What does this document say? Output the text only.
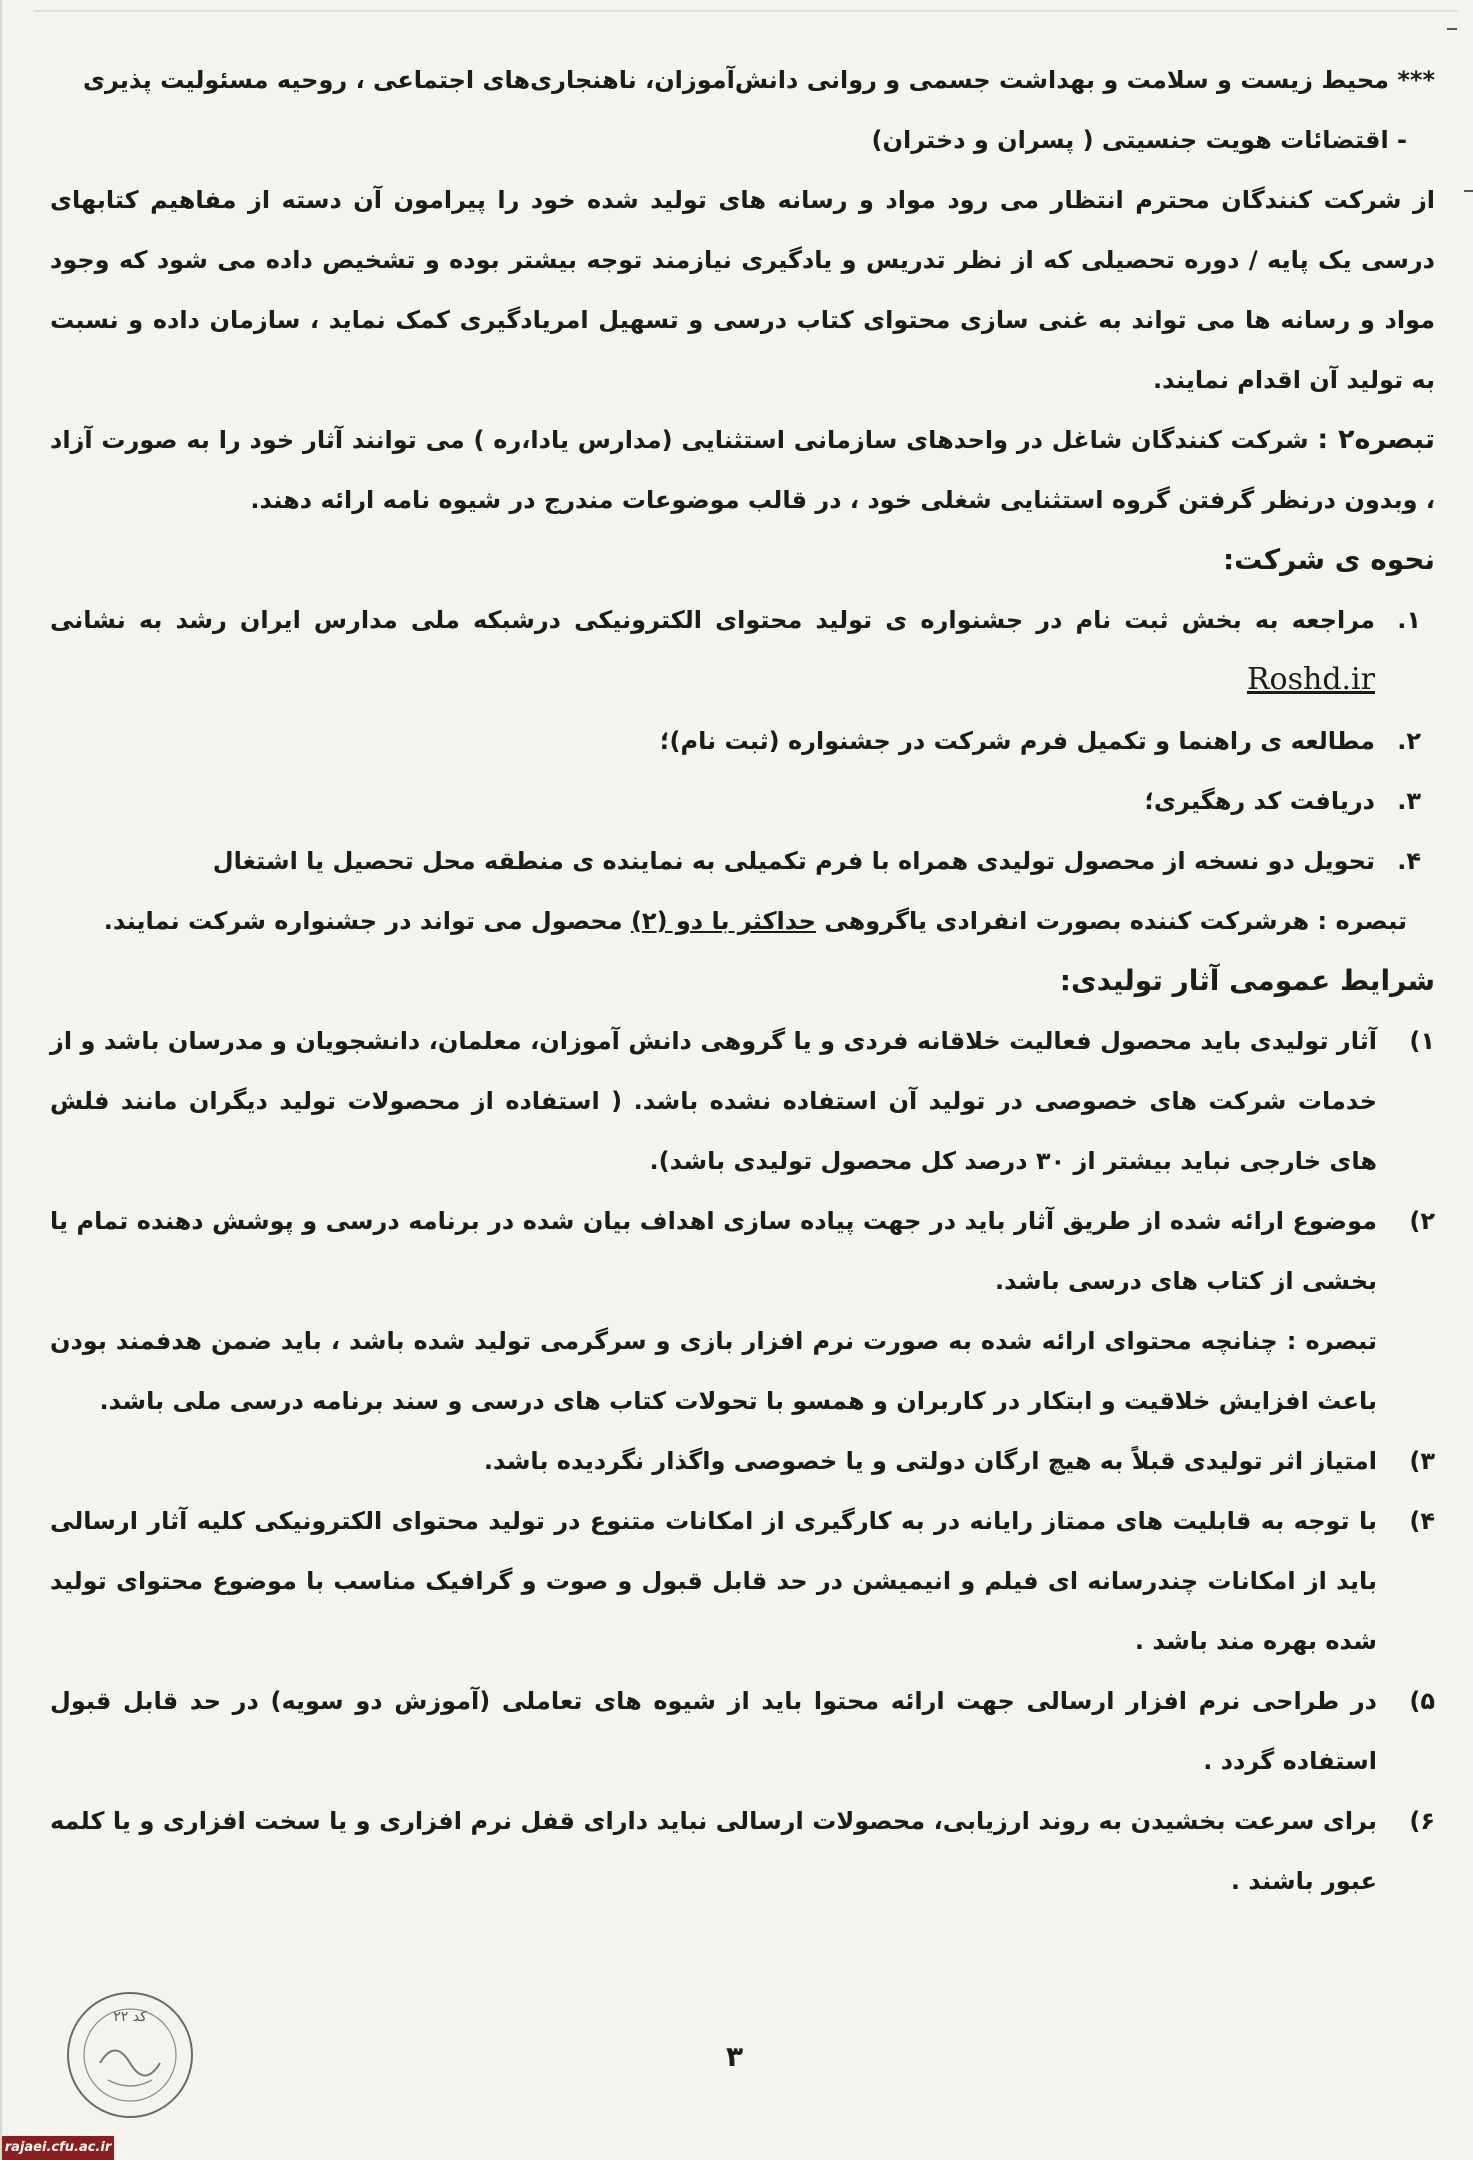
*** محیط زیست و سلامت و بهداشت جسمی و روانی دانش‌آموزان، ناهنجاری‌های اجتماعی ، روحیه مسئولیت پذیری

- اقتضائات هویت جنسیتی ( پسران و دختران)

از شرکت کنندگان محترم انتظار می رود مواد و رسانه های تولید شده خود را پیرامون آن دسته از مفاهیم کتابهای درسی یک پایه / دوره تحصیلی که از نظر تدریس و یادگیری نیازمند توجه بیشتر بوده و تشخیص داده می شود که وجود مواد و رسانه ها می تواند به غنی سازی محتوای کتاب درسی و تسهیل امریادگیری کمک نماید ، سازمان داده و نسبت به تولید آن اقدام نمایند.

تبصره۲ : شرکت کنندگان شاغل در واحدهای سازمانی استثنایی (مدارس یادا،ره ) می توانند آثار خود را به صورت آزاد ، وبدون درنظر گرفتن گروه استثنایی شغلی خود ، در قالب موضوعات مندرج در شیوه نامه ارائه دهند.

نحوه ی شرکت:

۱.
مراجعه به بخش ثبت نام در جشنواره ی تولید محتوای الکترونیکی درشبکه ملی مدارس ایران رشد به نشانی Roshd.ir
۲.
مطالعه ی راهنما و تکمیل فرم شرکت در جشنواره (ثبت نام)؛
۳.
دریافت کد رهگیری؛
۴.
تحویل دو نسخه از محصول تولیدی همراه با فرم تکمیلی به نماینده ی منطقه محل تحصیل یا اشتغال

تبصره : هرشرکت کننده بصورت انفرادی یاگروهی حداکثر با دو (۲) محصول می تواند در جشنواره شرکت نمایند.

شرایط عمومی آثار تولیدی:

۱)
آثار تولیدی باید محصول فعالیت خلاقانه فردی و یا گروهی دانش آموزان، معلمان، دانشجویان و مدرسان باشد و از خدمات شرکت های خصوصی در تولید آن استفاده نشده باشد. ( استفاده از محصولات تولید دیگران مانند فلش های خارجی نباید بیشتر از ۳۰ درصد کل محصول تولیدی باشد).
۲)
موضوع ارائه شده از طریق آثار باید در جهت پیاده سازی اهداف بیان شده در برنامه درسی و پوشش دهنده تمام یا بخشی از کتاب های درسی باشد.
تبصره : چنانچه محتوای ارائه شده به صورت نرم افزار بازی و سرگرمی تولید شده باشد ، باید ضمن هدفمند بودن باعث افزایش خلاقیت و ابتکار در کاربران و همسو با تحولات کتاب های درسی و سند برنامه درسی ملی باشد.
۳)
امتیاز اثر تولیدی قبلاً به هیچ ارگان دولتی و یا خصوصی واگذار نگردیده باشد.
۴)
با توجه به قابلیت های ممتاز رایانه در به کارگیری از امکانات متنوع در تولید محتوای الکترونیکی کلیه آثار ارسالی باید از امکانات چندرسانه ای فیلم و انیمیشن در حد قابل قبول و صوت و گرافیک مناسب با موضوع محتوای تولید شده بهره مند باشد .
۵)
در طراحی نرم افزار ارسالی جهت ارائه محتوا باید از شیوه های تعاملی (آموزش دو سویه) در حد قابل قبول استفاده گردد .
۶)
برای سرعت بخشیدن به روند ارزیابی، محصولات ارسالی نباید دارای قفل نرم افزاری و یا سخت افزاری و یا کلمه عبور باشند .
۳
کد ۲۲
rajaei.cfu.ac.ir
